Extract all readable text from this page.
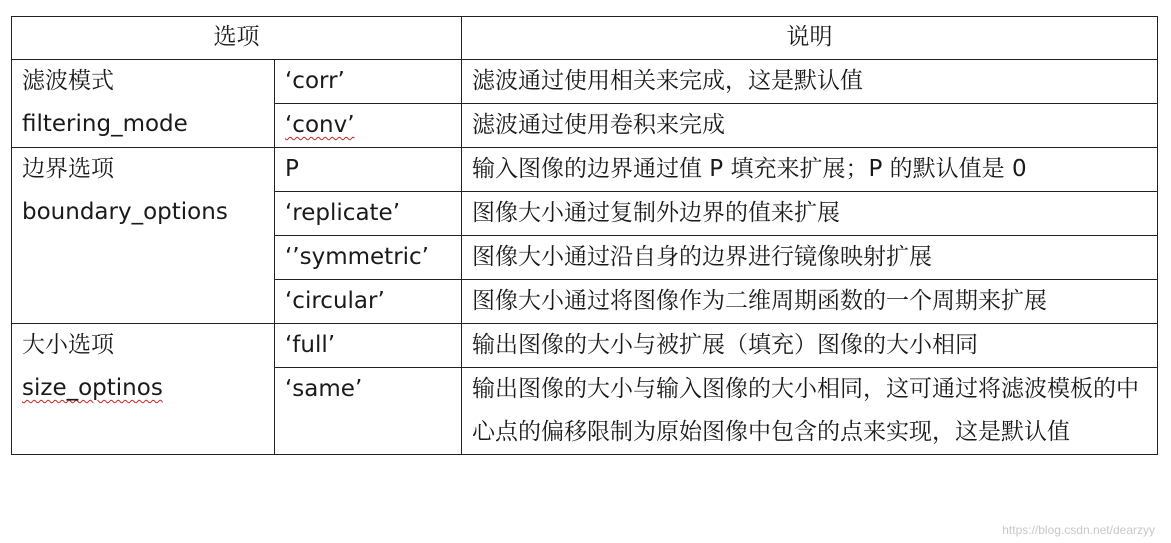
选项		说明

滤波模式
filtering_mode	‘corr’	滤波通过使用相关来完成，这是默认值
	‘conv’	滤波通过使用卷积来完成

边界选项
boundary_options	P	输入图像的边界通过值 P 填充来扩展；P 的默认值是 0
	‘replicate’	图像大小通过复制外边界的值来扩展
	‘’symmetric’	图像大小通过沿自身的边界进行镜像映射扩展
	‘circular’	图像大小通过将图像作为二维周期函数的一个周期来扩展

大小选项
size_optinos	‘full’	输出图像的大小与被扩展（填充）图像的大小相同
	‘same’	输出图像的大小与输入图像的大小相同，这可通过将滤波模板的中心点的偏移限制为原始图像中包含的点来实现，这是默认值
https://blog.csdn.net/dearzyy
